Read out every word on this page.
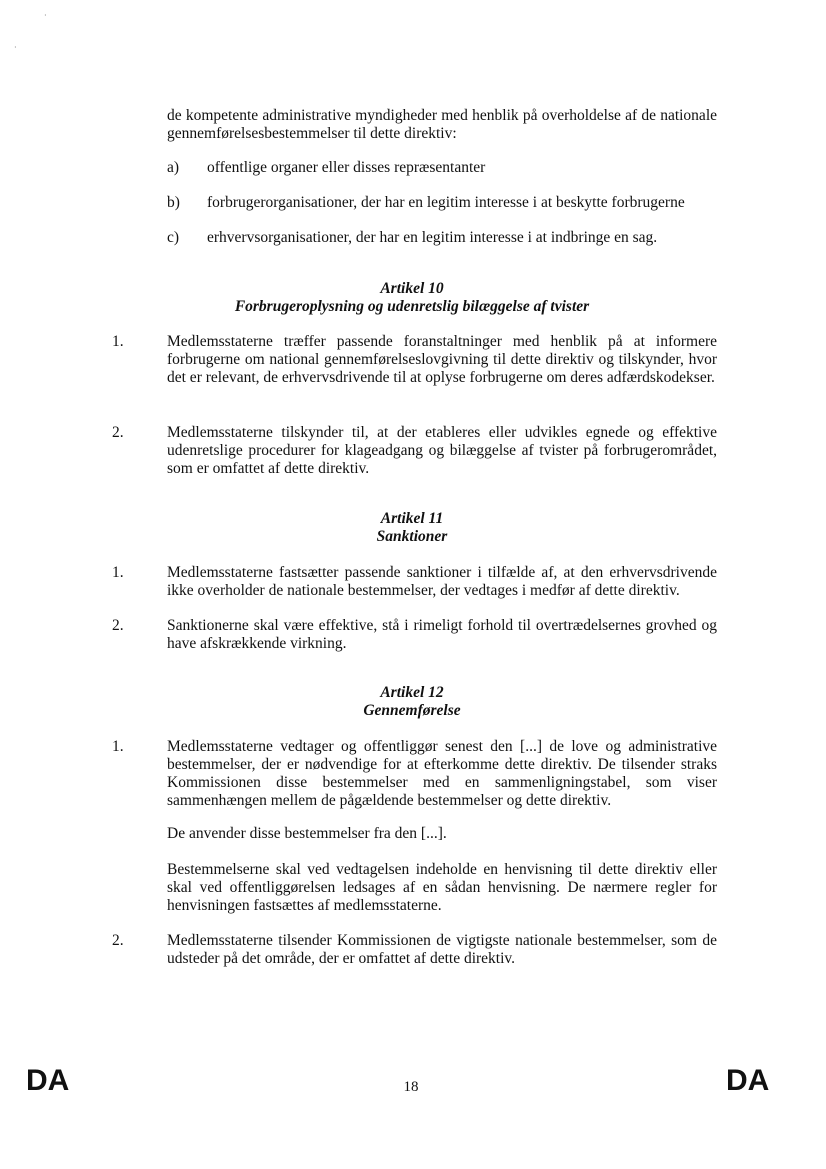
·
·
de kompetente administrative myndigheder med henblik på overholdelse af de nationale gennemførelsesbestemmelser til dette direktiv:
a) offentlige organer eller disses repræsentanter
b) forbrugerorganisationer, der har en legitim interesse i at beskytte forbrugerne
c) erhvervsorganisationer, der har en legitim interesse i at indbringe en sag.
Artikel 10
Forbrugeroplysning og udenretslig bilæggelse af tvister
1.	Medlemsstaterne træffer passende foranstaltninger med henblik på at informere forbrugerne om national gennemførelseslovgivning til dette direktiv og tilskynder, hvor det er relevant, de erhvervsdrivende til at oplyse forbrugerne om deres adfærdskodekser.
2.	Medlemsstaterne tilskynder til, at der etableres eller udvikles egnede og effektive udenretslige procedurer for klageadgang og bilæggelse af tvister på forbrugerområdet, som er omfattet af dette direktiv.
Artikel 11
Sanktioner
1.	Medlemsstaterne fastsætter passende sanktioner i tilfælde af, at den erhvervsdrivende ikke overholder de nationale bestemmelser, der vedtages i medfør af dette direktiv.
2.	Sanktionerne skal være effektive, stå i rimeligt forhold til overtrædelsernes grovhed og have afskrækkende virkning.
Artikel 12
Gennemførelse
1.	Medlemsstaterne vedtager og offentliggør senest den [...] de love og administrative bestemmelser, der er nødvendige for at efterkomme dette direktiv. De tilsender straks Kommissionen disse bestemmelser med en sammenligningstabel, som viser sammenhængen mellem de pågældende bestemmelser og dette direktiv.
De anvender disse bestemmelser fra den [...].
Bestemmelserne skal ved vedtagelsen indeholde en henvisning til dette direktiv eller skal ved offentliggørelsen ledsages af en sådan henvisning. De nærmere regler for henvisningen fastsættes af medlemsstaterne.
2.	Medlemsstaterne tilsender Kommissionen de vigtigste nationale bestemmelser, som de udsteder på det område, der er omfattet af dette direktiv.
DA	18	DA
